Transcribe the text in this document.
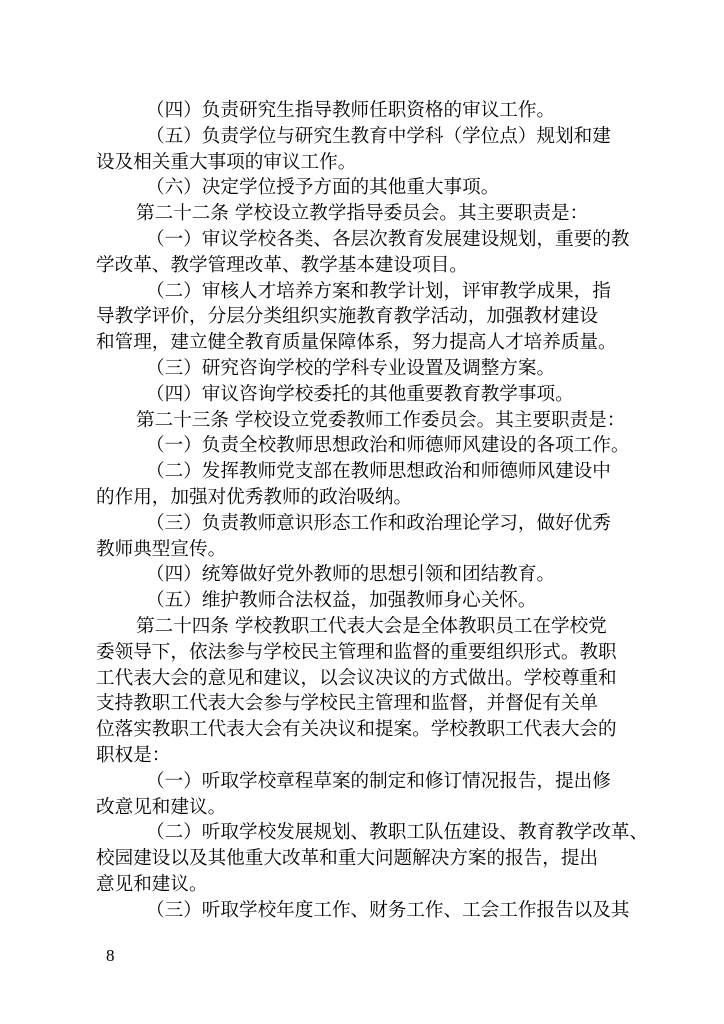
（四）负责研究生指导教师任职资格的审议工作。
（五）负责学位与研究生教育中学科（学位点）规划和建
设及相关重大事项的审议工作。
（六）决定学位授予方面的其他重大事项。
第二十二条 学校设立教学指导委员会。其主要职责是：
（一）审议学校各类、各层次教育发展建设规划，重要的教
学改革、教学管理改革、教学基本建设项目。
（二）审核人才培养方案和教学计划，评审教学成果，指
导教学评价，分层分类组织实施教育教学活动，加强教材建设
和管理，建立健全教育质量保障体系，努力提高人才培养质量。
（三）研究咨询学校的学科专业设置及调整方案。
（四）审议咨询学校委托的其他重要教育教学事项。
第二十三条 学校设立党委教师工作委员会。其主要职责是：
（一）负责全校教师思想政治和师德师风建设的各项工作。
（二）发挥教师党支部在教师思想政治和师德师风建设中
的作用，加强对优秀教师的政治吸纳。
（三）负责教师意识形态工作和政治理论学习，做好优秀
教师典型宣传。
（四）统筹做好党外教师的思想引领和团结教育。
（五）维护教师合法权益，加强教师身心关怀。
第二十四条 学校教职工代表大会是全体教职员工在学校党
委领导下，依法参与学校民主管理和监督的重要组织形式。教职
工代表大会的意见和建议，以会议决议的方式做出。学校尊重和
支持教职工代表大会参与学校民主管理和监督，并督促有关单
位落实教职工代表大会有关决议和提案。学校教职工代表大会的
职权是：
（一）听取学校章程草案的制定和修订情况报告，提出修
改意见和建议。
（二）听取学校发展规划、教职工队伍建设、教育教学改革、
校园建设以及其他重大改革和重大问题解决方案的报告，提出
意见和建议。
（三）听取学校年度工作、财务工作、工会工作报告以及其
8
